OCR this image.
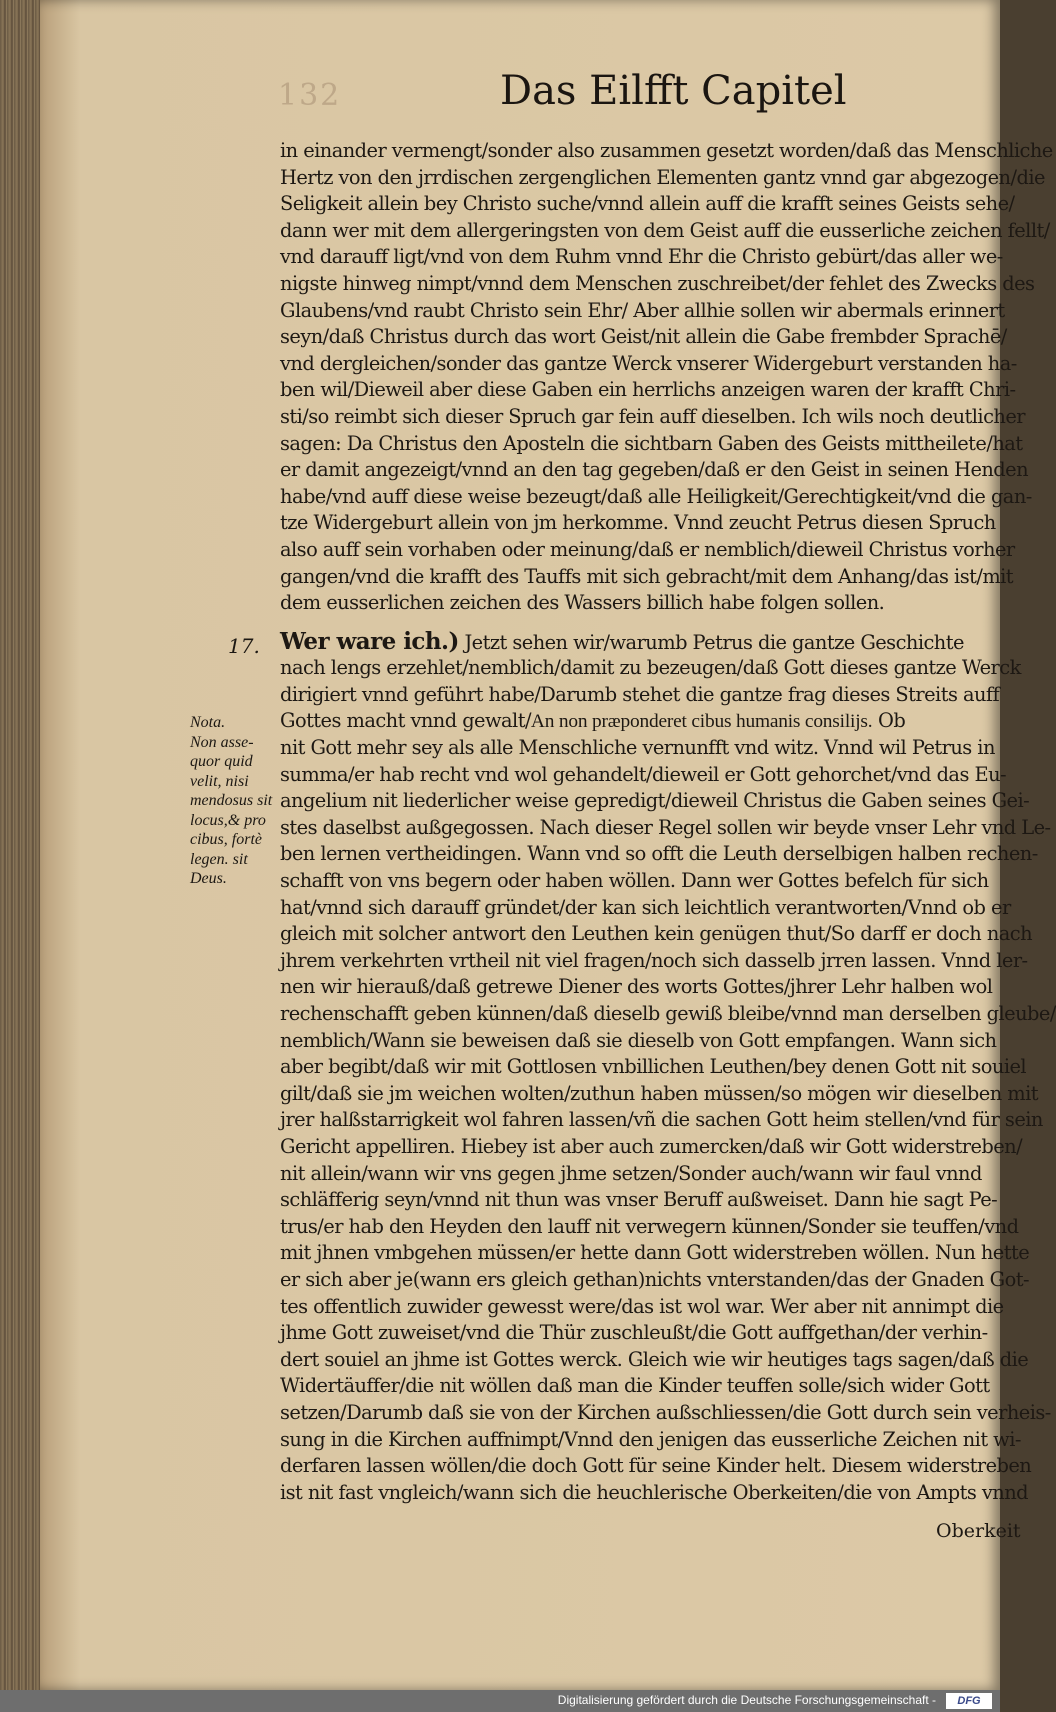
132	Das Eilfft Capitel
17.
Nota.
Non asse-
quor quid
velit, nisi
mendosus sit
locus,& pro
cibus, fortè
legen. sit
Deus.
in einander vermengt/sonder also zusammen gesetzt worden/daß das Menschliche
Hertz von den jrrdischen zergenglichen Elementen gantz vnnd gar abgezogen/die
Seligkeit allein bey Christo suche/vnnd allein auff die krafft seines Geists sehe/
dann wer mit dem allergeringsten von dem Geist auff die eusserliche zeichen fellt/
vnd darauff ligt/vnd von dem Ruhm vnnd Ehr die Christo gebürt/das aller we-
nigste hinweg nimpt/vnnd dem Menschen zuschreibet/der fehlet des Zwecks des
Glaubens/vnd raubt Christo sein Ehr/ Aber allhie sollen wir abermals erinnert
seyn/daß Christus durch das wort Geist/nit allein die Gabe frembder Sprachē/
vnd dergleichen/sonder das gantze Werck vnserer Widergeburt verstanden ha-
ben wil/Dieweil aber diese Gaben ein herrlichs anzeigen waren der krafft Chri-
sti/so reimbt sich dieser Spruch gar fein auff dieselben. Ich wils noch deutlicher
sagen: Da Christus den Aposteln die sichtbarn Gaben des Geists mittheilete/hat
er damit angezeigt/vnnd an den tag gegeben/daß er den Geist in seinen Henden
habe/vnd auff diese weise bezeugt/daß alle Heiligkeit/Gerechtigkeit/vnd die gan-
tze Widergeburt allein von jm herkomme. Vnnd zeucht Petrus diesen Spruch
also auff sein vorhaben oder meinung/daß er nemblich/dieweil Christus vorher
gangen/vnd die krafft des Tauffs mit sich gebracht/mit dem Anhang/das ist/mit
dem eusserlichen zeichen des Wassers billich habe folgen sollen.
Wer ware ich.) Jetzt sehen wir/warumb Petrus die gantze Geschichte
nach lengs erzehlet/nemblich/damit zu bezeugen/daß Gott dieses gantze Werck
dirigiert vnnd geführt habe/Darumb stehet die gantze frag dieses Streits auff
Gottes macht vnnd gewalt/An non præponderet cibus humanis consilijs. Ob
nit Gott mehr sey als alle Menschliche vernunfft vnd witz. Vnnd wil Petrus in
summa/er hab recht vnd wol gehandelt/dieweil er Gott gehorchet/vnd das Eu-
angelium nit liederlicher weise gepredigt/dieweil Christus die Gaben seines Gei-
stes daselbst außgegossen. Nach dieser Regel sollen wir beyde vnser Lehr vnd Le-
ben lernen vertheidingen. Wann vnd so offt die Leuth derselbigen halben rechen-
schafft von vns begern oder haben wöllen. Dann wer Gottes befelch für sich
hat/vnnd sich darauff gründet/der kan sich leichtlich verantworten/Vnnd ob er
gleich mit solcher antwort den Leuthen kein genügen thut/So darff er doch nach
jhrem verkehrten vrtheil nit viel fragen/noch sich dasselb jrren lassen. Vnnd ler-
nen wir hierauß/daß getrewe Diener des worts Gottes/jhrer Lehr halben wol
rechenschafft geben künnen/daß dieselb gewiß bleibe/vnnd man derselben gleube/
nemblich/Wann sie beweisen daß sie dieselb von Gott empfangen. Wann sich
aber begibt/daß wir mit Gottlosen vnbillichen Leuthen/bey denen Gott nit souiel
gilt/daß sie jm weichen wolten/zuthun haben müssen/so mögen wir dieselben mit
jrer halßstarrigkeit wol fahren lassen/vñ die sachen Gott heim stellen/vnd für sein
Gericht appelliren. Hiebey ist aber auch zumercken/daß wir Gott widerstreben/
nit allein/wann wir vns gegen jhme setzen/Sonder auch/wann wir faul vnnd
schläfferig seyn/vnnd nit thun was vnser Beruff außweiset. Dann hie sagt Pe-
trus/er hab den Heyden den lauff nit verwegern künnen/Sonder sie teuffen/vnd
mit jhnen vmbgehen müssen/er hette dann Gott widerstreben wöllen. Nun hette
er sich aber je(wann ers gleich gethan)nichts vnterstanden/das der Gnaden Got-
tes offentlich zuwider gewesst were/das ist wol war. Wer aber nit annimpt die
jhme Gott zuweiset/vnd die Thür zuschleußt/die Gott auffgethan/der verhin-
dert souiel an jhme ist Gottes werck. Gleich wie wir heutiges tags sagen/daß die
Widertäuffer/die nit wöllen daß man die Kinder teuffen solle/sich wider Gott
setzen/Darumb daß sie von der Kirchen außschliessen/die Gott durch sein verheis-
sung in die Kirchen auffnimpt/Vnnd den jenigen das eusserliche Zeichen nit wi-
derfaren lassen wöllen/die doch Gott für seine Kinder helt. Diesem widerstreben
ist nit fast vngleich/wann sich die heuchlerische Oberkeiten/die von Ampts vnnd
Oberkeit
Digitalisierung gefördert durch die Deutsche Forschungsgemeinschaft -	DFG
